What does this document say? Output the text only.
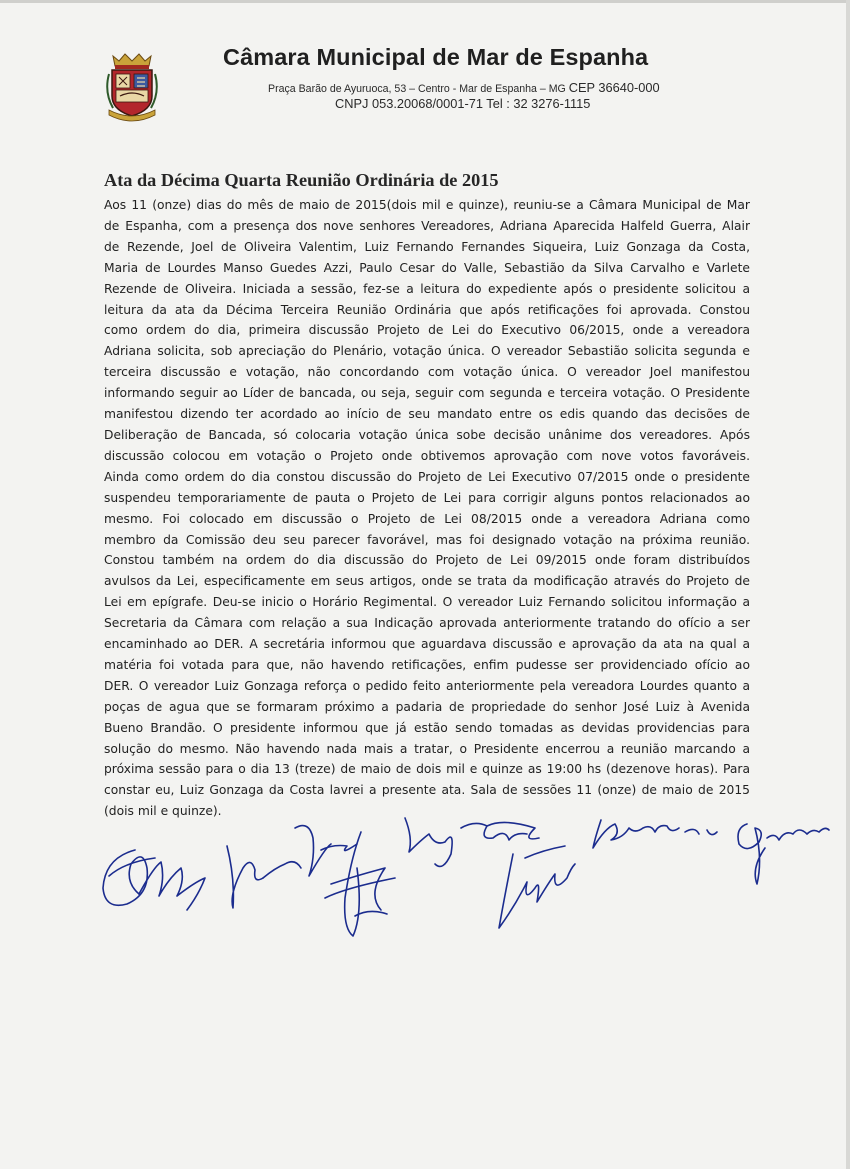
Câmara Municipal de Mar de Espanha
Praça Barão de Ayuruoca, 53 – Centro - Mar de Espanha – MG CEP 36640-000
CNPJ 053.20068/0001-71 Tel : 32 3276-1115
Ata da Décima Quarta Reunião Ordinária de 2015
Aos 11 (onze) dias do mês de maio de 2015(dois mil e quinze), reuniu-se a Câmara Municipal de Mar
de Espanha, com a presença dos nove senhores Vereadores, Adriana Aparecida Halfeld Guerra, Alair
de Rezende, Joel de Oliveira Valentim, Luiz Fernando Fernandes Siqueira, Luiz Gonzaga da Costa,
Maria de Lourdes Manso Guedes Azzi, Paulo Cesar do Valle, Sebastião da Silva Carvalho e Varlete
Rezende de Oliveira. Iniciada a sessão, fez-se a leitura do expediente após o presidente solicitou a
leitura da ata da Décima Terceira Reunião Ordinária que após retificações foi aprovada. Constou
como ordem do dia, primeira discussão Projeto de Lei do Executivo 06/2015, onde a vereadora
Adriana solicita, sob apreciação do Plenário, votação única. O vereador Sebastião solicita segunda e
terceira discussão e votação, não concordando com votação única. O vereador Joel manifestou
informando seguir ao Líder de bancada, ou seja, seguir com segunda e terceira votação. O Presidente
manifestou dizendo ter acordado ao início de seu mandato entre os edis quando das decisões de
Deliberação de Bancada, só colocaria votação única sobe decisão unânime dos vereadores. Após
discussão colocou em votação o Projeto onde obtivemos aprovação com nove votos favoráveis.
Ainda como ordem do dia constou discussão do Projeto de Lei Executivo 07/2015 onde o presidente
suspendeu temporariamente de pauta o Projeto de Lei para corrigir alguns pontos relacionados ao
mesmo. Foi colocado em discussão o Projeto de Lei 08/2015 onde a vereadora Adriana como
membro da Comissão deu seu parecer favorável, mas foi designado votação na próxima reunião.
Constou também na ordem do dia discussão do Projeto de Lei 09/2015 onde foram distribuídos
avulsos da Lei, especificamente em seus artigos, onde se trata da modificação através do Projeto de
Lei em epígrafe. Deu-se inicio o Horário Regimental. O vereador Luiz Fernando solicitou informação a
Secretaria da Câmara com relação a sua Indicação aprovada anteriormente tratando do ofício a ser
encaminhado ao DER. A secretária informou que aguardava discussão e aprovação da ata na qual a
matéria foi votada para que, não havendo retificações, enfim pudesse ser providenciado ofício ao
DER. O vereador Luiz Gonzaga reforça o pedido feito anteriormente pela vereadora Lourdes quanto a
poças de agua que se formaram próximo a padaria de propriedade do senhor José Luiz à Avenida
Bueno Brandão. O presidente informou que já estão sendo tomadas as devidas providencias para
solução do mesmo. Não havendo nada mais a tratar, o Presidente encerrou a reunião marcando a
próxima sessão para o dia 13 (treze) de maio de dois mil e quinze as 19:00 hs (dezenove horas). Para
constar eu, Luiz Gonzaga da Costa lavrei a presente ata. Sala de sessões 11 (onze) de maio de 2015
(dois mil e quinze).
